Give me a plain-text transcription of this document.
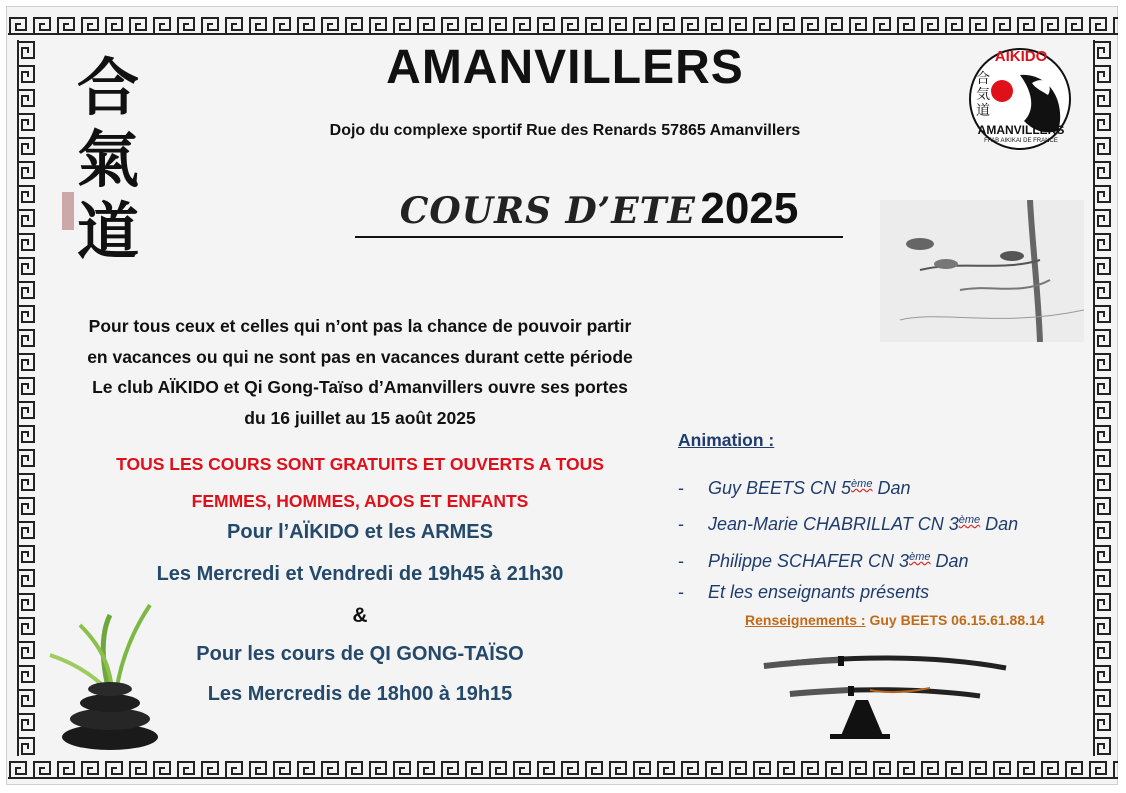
合
氣
道
AMANVILLERS
Dojo du complexe sportif Rue des Renards 57865 Amanvillers
COURS D’ETE 2025
AIKIDO
合気道
AMANVILLERS
FFAB AIKIKAI DE FRANCE
Pour tous ceux et celles qui n’ont pas la chance de pouvoir partir
en vacances ou qui ne sont pas en vacances durant cette période
Le club AÏKIDO et Qi Gong-Taïso d’Amanvillers ouvre ses portes
du 16 juillet au 15 août 2025
TOUS LES COURS SONT GRATUITS ET OUVERTS A TOUS
FEMMES, HOMMES, ADOS ET ENFANTS
Pour l’AÏKIDO et les ARMES
Les Mercredi et Vendredi de 19h45 à 21h30
&
Pour les cours de QI GONG-TAÏSO
Les Mercredis de 18h00 à 19h15
Animation :
- Guy BEETS CN 5ème Dan
- Jean-Marie CHABRILLAT CN 3ème Dan
- Philippe SCHAFER CN 3ème Dan
- Et les enseignants présents
Renseignements : Guy BEETS 06.15.61.88.14
